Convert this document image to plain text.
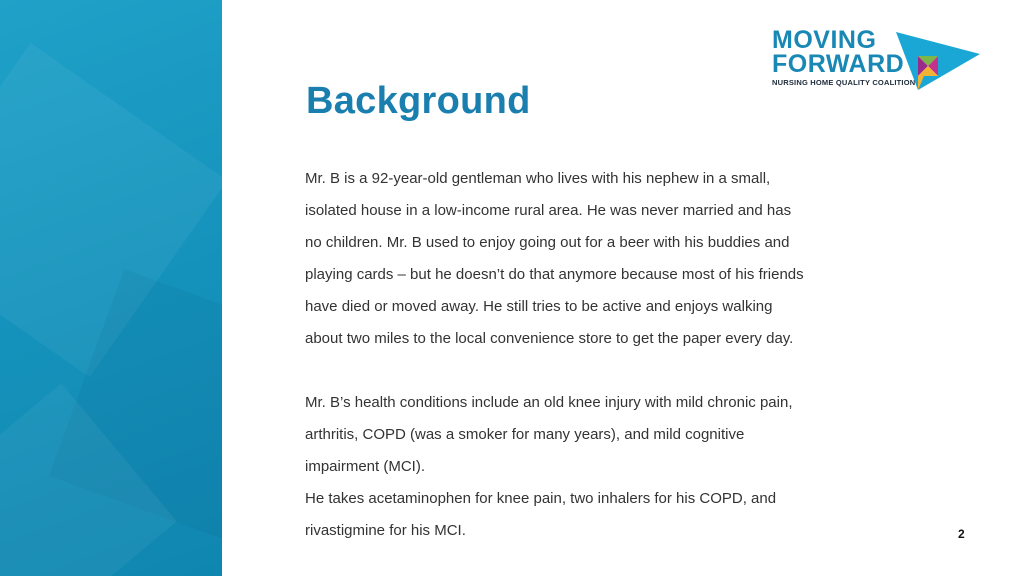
MOVING
FORWARD
NURSING HOME QUALITY COALITION
Background

Mr. B is a 92-year-old gentleman who lives with his nephew in a small,

isolated house in a low-income rural area. He was never married and has

no children. Mr. B used to enjoy going out for a beer with his buddies and

playing cards – but he doesn’t do that anymore because most of his friends

have died or moved away. He still tries to be active and enjoys walking

about two miles to the local convenience store to get the paper every day.

Mr. B’s health conditions include an old knee injury with mild chronic pain,

arthritis, COPD (was a smoker for many years), and mild cognitive

impairment (MCI).

He takes acetaminophen for knee pain, two inhalers for his COPD, and

rivastigmine for his MCI.	2
